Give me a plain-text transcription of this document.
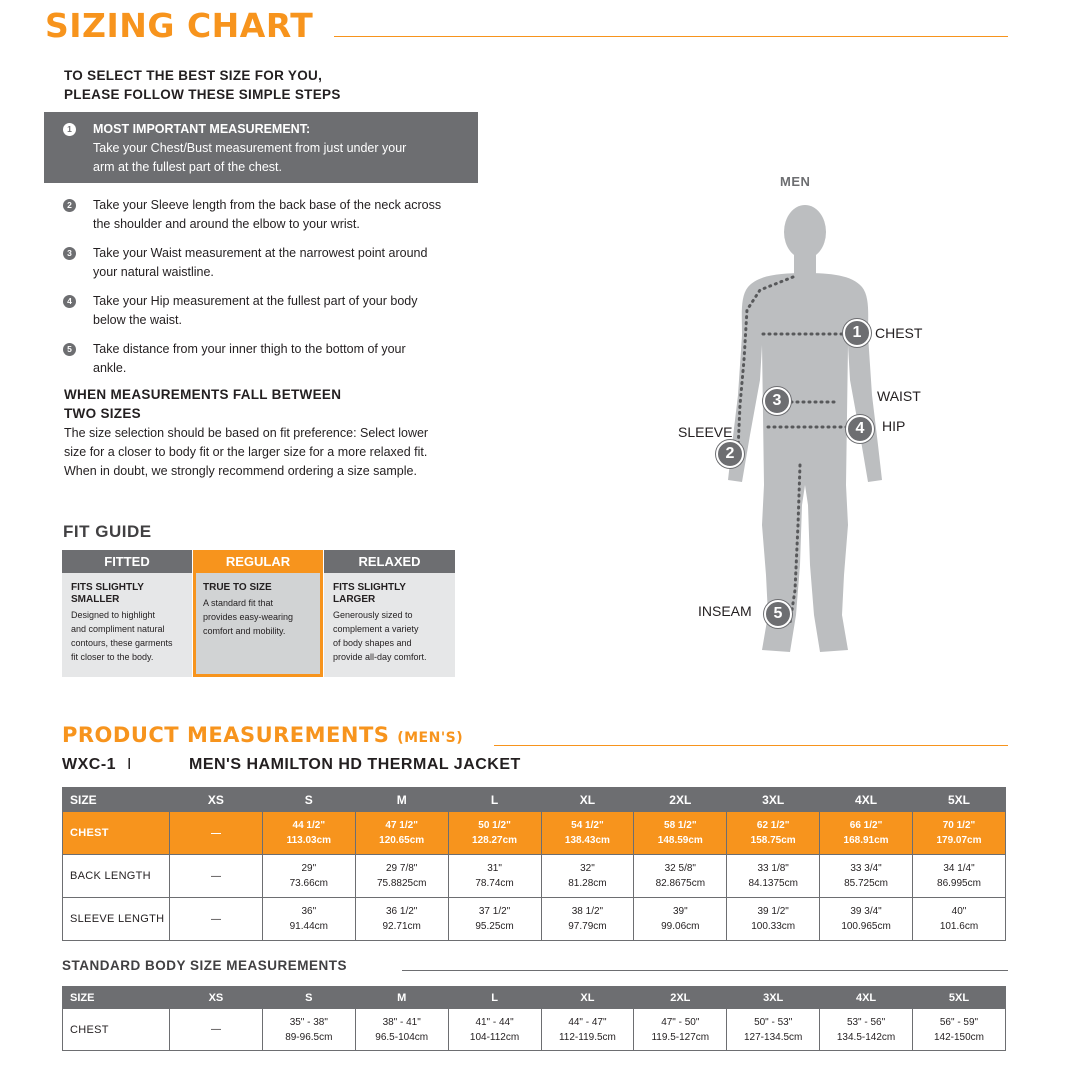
SIZING CHART
TO SELECT THE BEST SIZE FOR YOU,
PLEASE FOLLOW THESE SIMPLE STEPS
1	MOST IMPORTANT MEASUREMENT:
Take your Chest/Bust measurement from just under your
arm at the fullest part of the chest.
2	Take your Sleeve length from the back base of the neck across
the shoulder and around the elbow to your wrist.
3	Take your Waist measurement at the narrowest point around
your natural waistline.
4	Take your Hip measurement at the fullest part of your body
below the waist.
5	Take distance from your inner thigh to the bottom of your
ankle.
WHEN MEASUREMENTS FALL BETWEEN
TWO SIZES
The size selection should be based on fit preference: Select lower
size for a closer to body fit or the larger size for a more relaxed fit.
When in doubt, we strongly recommend ordering a size sample.
FIT GUIDE
FITTED
FITS SLIGHTLY
SMALLER
Designed to highlight
and compliment natural
contours, these garments
fit closer to the body.
REGULAR
TRUE TO SIZE
A standard fit that
provides easy-wearing
comfort and mobility.
RELAXED
FITS SLIGHTLY
LARGER
Generously sized to
complement a variety
of body shapes and
provide all-day comfort.
MEN
1
2
3
4
5
CHEST
WAIST
HIP
SLEEVE
INSEAM
PRODUCT MEASUREMENTS (MEN'S)
WXC-1 I	MEN'S HAMILTON HD THERMAL JACKET
SIZE	XS	S	M	L	XL	2XL	3XL	4XL	5XL
CHEST	—	44 1/2"
113.03cm	47 1/2"
120.65cm	50 1/2"
128.27cm	54 1/2"
138.43cm	58 1/2"
148.59cm	62 1/2"
158.75cm	66 1/2"
168.91cm	70 1/2"
179.07cm

BACK LENGTH	—	29"
73.66cm	29 7/8"
75.8825cm	31"
78.74cm	32"
81.28cm	32 5/8"
82.8675cm	33 1/8"
84.1375cm	33 3/4"
85.725cm	34 1/4"
86.995cm

SLEEVE LENGTH	—	36"
91.44cm	36 1/2"
92.71cm	37 1/2"
95.25cm	38 1/2"
97.79cm	39"
99.06cm	39 1/2"
100.33cm	39 3/4"
100.965cm	40"
101.6cm
STANDARD BODY SIZE MEASUREMENTS
SIZE	XS	S	M	L	XL	2XL	3XL	4XL	5XL
CHEST	—	35" - 38"
89-96.5cm	38" - 41"
96.5-104cm	41" - 44"
104-112cm	44" - 47"
112-119.5cm	47" - 50"
119.5-127cm	50" - 53"
127-134.5cm	53" - 56"
134.5-142cm	56" - 59"
142-150cm
